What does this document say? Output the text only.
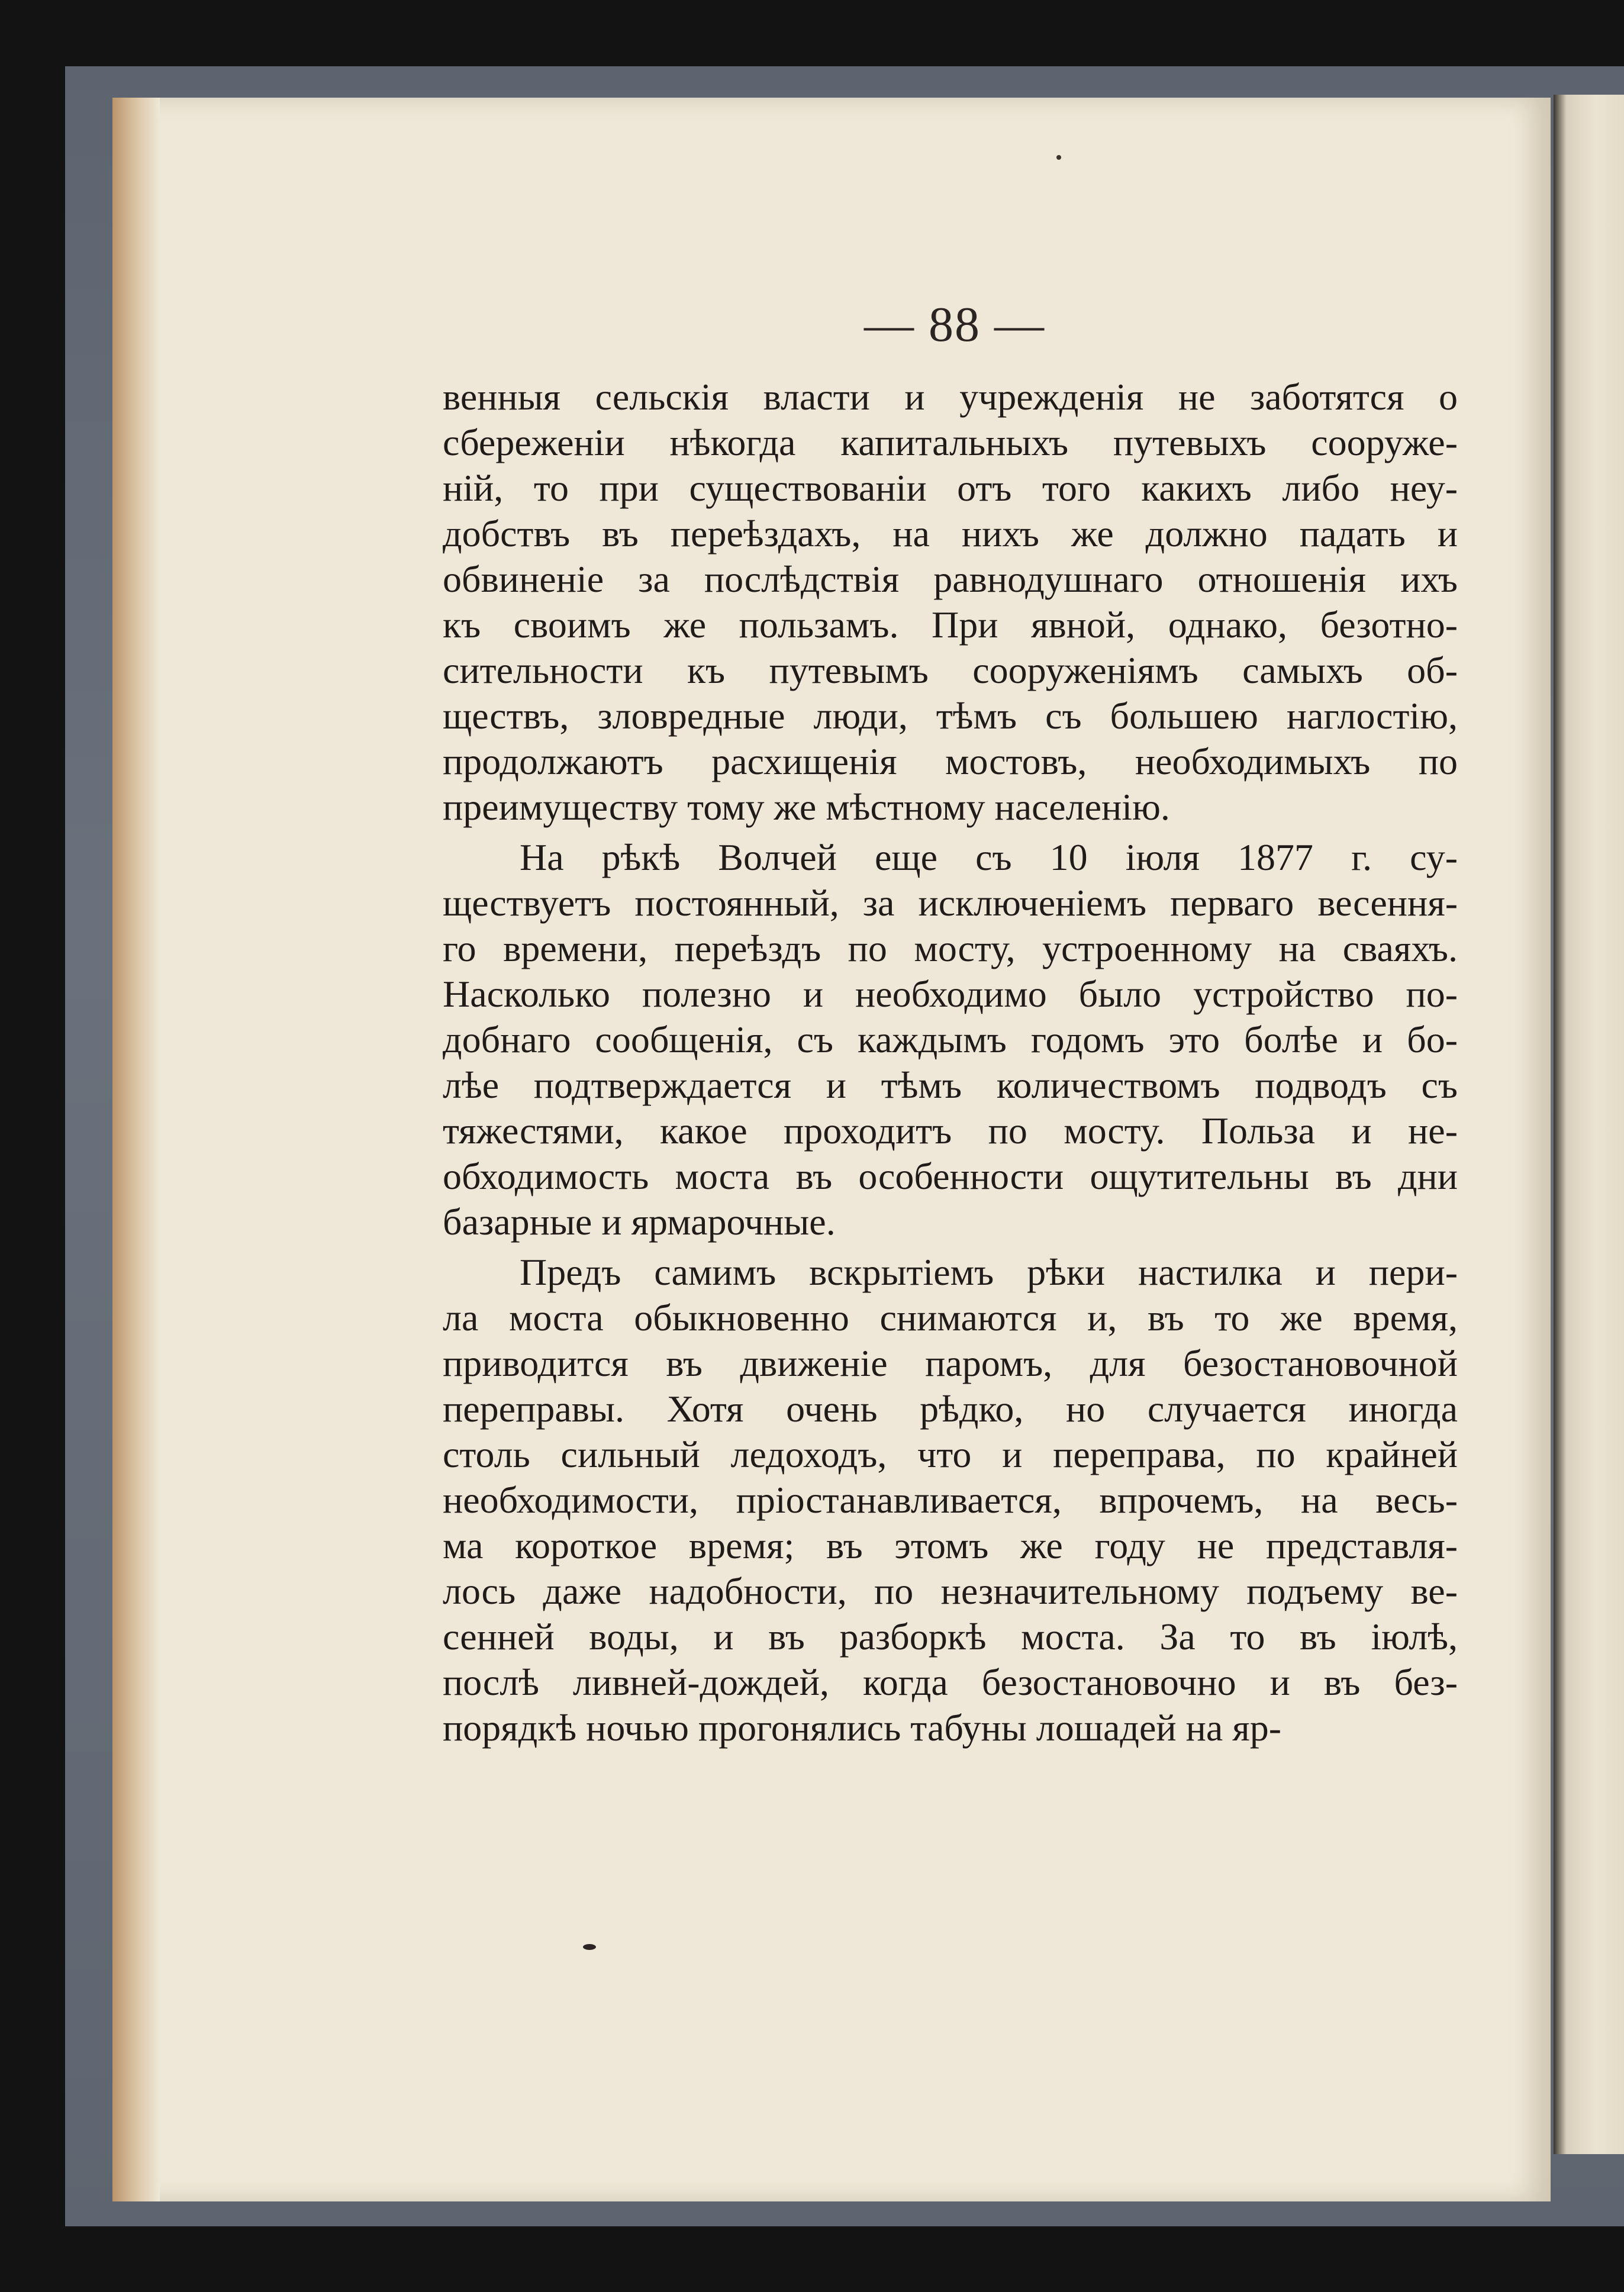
— 88 —

венныя сельскія власти и учрежденія не заботятся о
сбереженіи нѣкогда капитальныхъ путевыхъ сооруже-
ній, то при существованіи отъ того какихъ либо неу-
добствъ въ переѣздахъ, на нихъ же должно падать и
обвиненіе за послѣдствія равнодушнаго отношенія ихъ
къ своимъ же пользамъ. При явной, однако, безотно-
сительности къ путевымъ сооруженіямъ самыхъ об-
ществъ, зловредные люди, тѣмъ съ большею наглостію,
продолжаютъ расхищенія мостовъ, необходимыхъ по
преимуществу тому же мѣстному населенію.

На рѣкѣ Волчей еще съ 10 іюля 1877 г. су-
ществуетъ постоянный, за исключеніемъ перваго весення-
го времени, переѣздъ по мосту, устроенному на сваяхъ.
Насколько полезно и необходимо было устройство по-
добнаго сообщенія, съ каждымъ годомъ это болѣе и бо-
лѣе подтверждается и тѣмъ количествомъ подводъ съ
тяжестями, какое проходитъ по мосту. Польза и не-
обходимость моста въ особенности ощутительны въ дни
базарные и ярмарочные.

Предъ самимъ вскрытіемъ рѣки настилка и пери-
ла моста обыкновенно снимаются и, въ то же время,
приводится въ движеніе паромъ, для безостановочной
переправы. Хотя очень рѣдко, но случается иногда
столь сильный ледоходъ, что и переправа, по крайней
необходимости, пріостанавливается, впрочемъ, на весь-
ма короткое время; въ этомъ же году не представля-
лось даже надобности, по незначительному подъему ве-
сенней воды, и въ разборкѣ моста. За то въ іюлѣ,
послѣ ливней-дождей, когда безостановочно и въ без-
порядкѣ ночью прогонялись табуны лошадей на яр-
